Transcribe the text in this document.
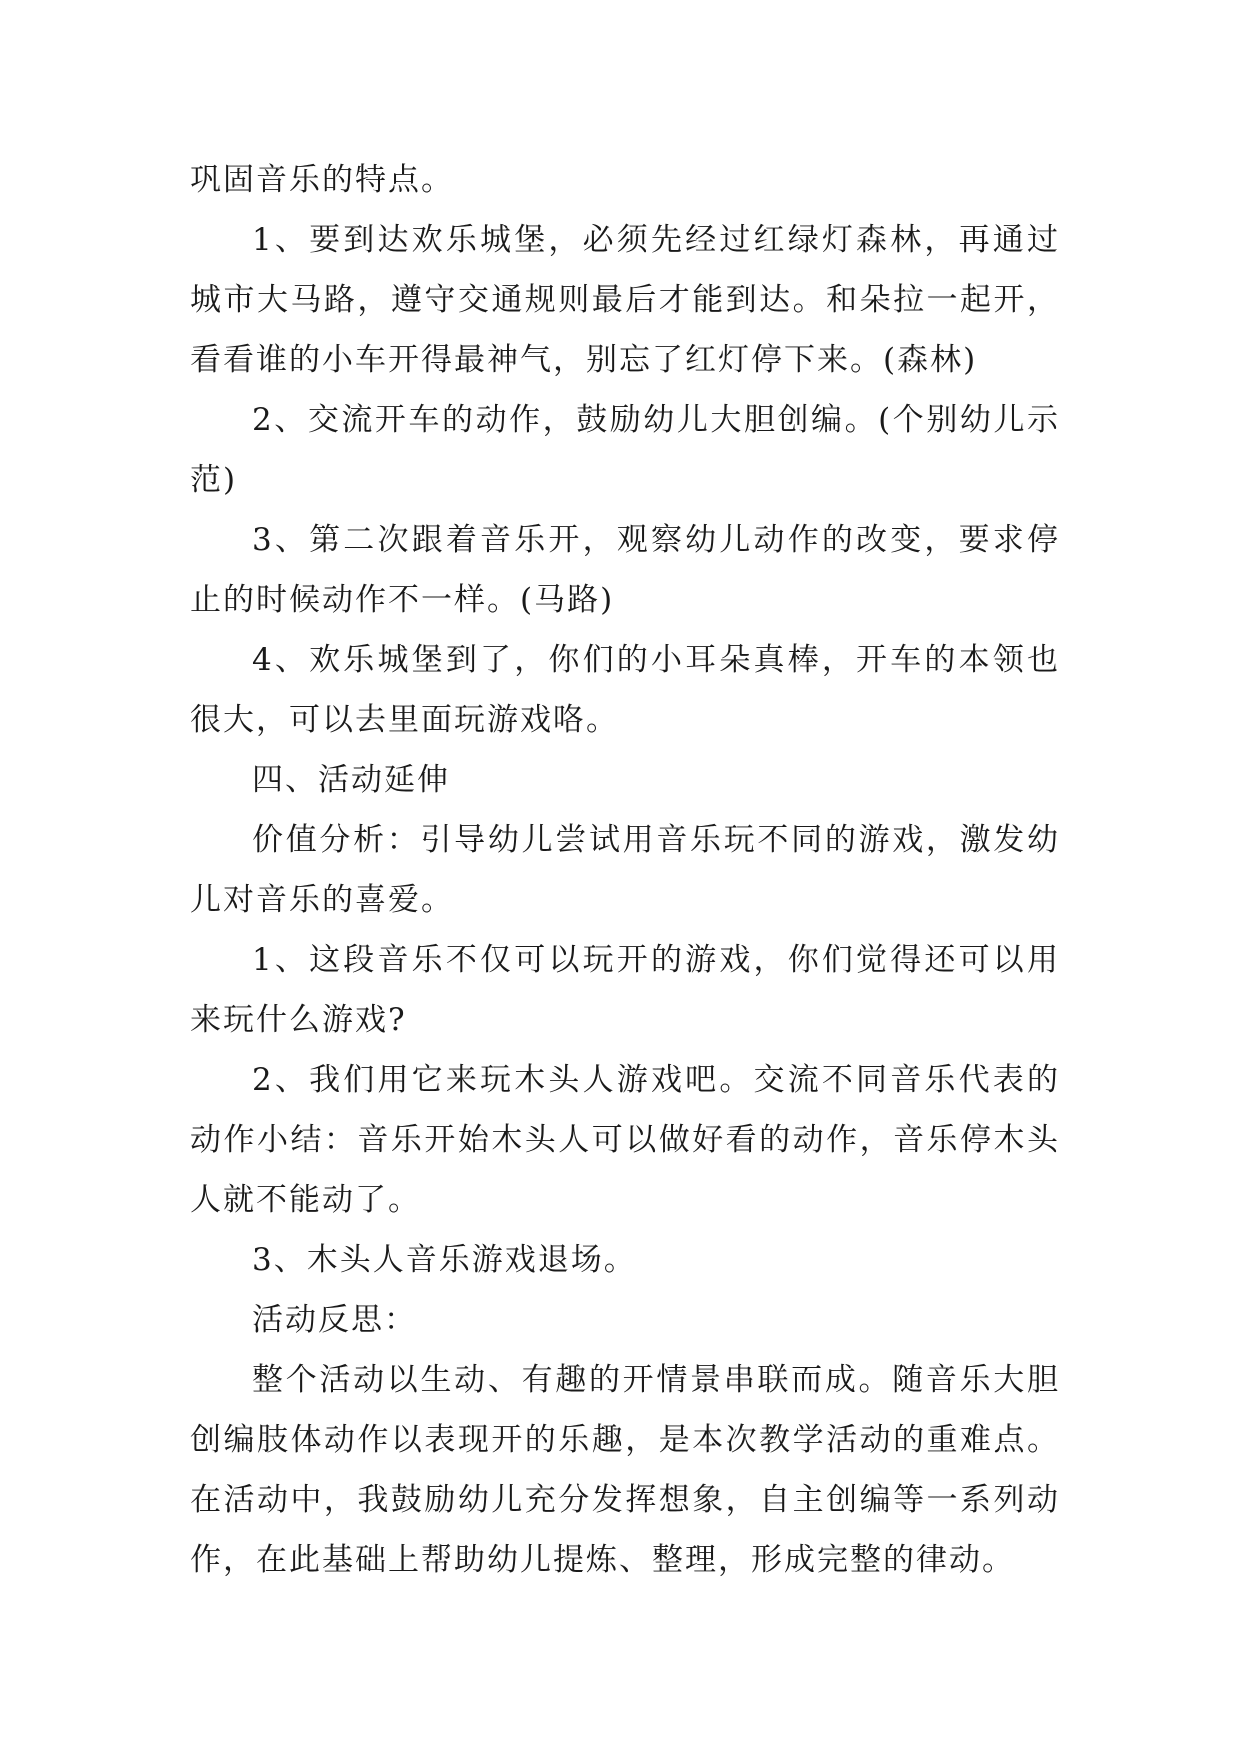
巩固音乐的特点。

1、要到达欢乐城堡，必须先经过红绿灯森林，再通过城市大马路，遵守交通规则最后才能到达。和朵拉一起开，看看谁的小车开得最神气，别忘了红灯停下来。(森林)

2、交流开车的动作，鼓励幼儿大胆创编。(个别幼儿示范)

3、第二次跟着音乐开，观察幼儿动作的改变，要求停止的时候动作不一样。(马路)

4、欢乐城堡到了，你们的小耳朵真棒，开车的本领也很大，可以去里面玩游戏咯。

四、活动延伸

价值分析：引导幼儿尝试用音乐玩不同的游戏，激发幼儿对音乐的喜爱。

1、这段音乐不仅可以玩开的游戏，你们觉得还可以用来玩什么游戏?

2、我们用它来玩木头人游戏吧。交流不同音乐代表的动作小结：音乐开始木头人可以做好看的动作，音乐停木头人就不能动了。

3、木头人音乐游戏退场。

活动反思：

整个活动以生动、有趣的开情景串联而成。随音乐大胆创编肢体动作以表现开的乐趣，是本次教学活动的重难点。在活动中，我鼓励幼儿充分发挥想象，自主创编等一系列动作，在此基础上帮助幼儿提炼、整理，形成完整的律动。
